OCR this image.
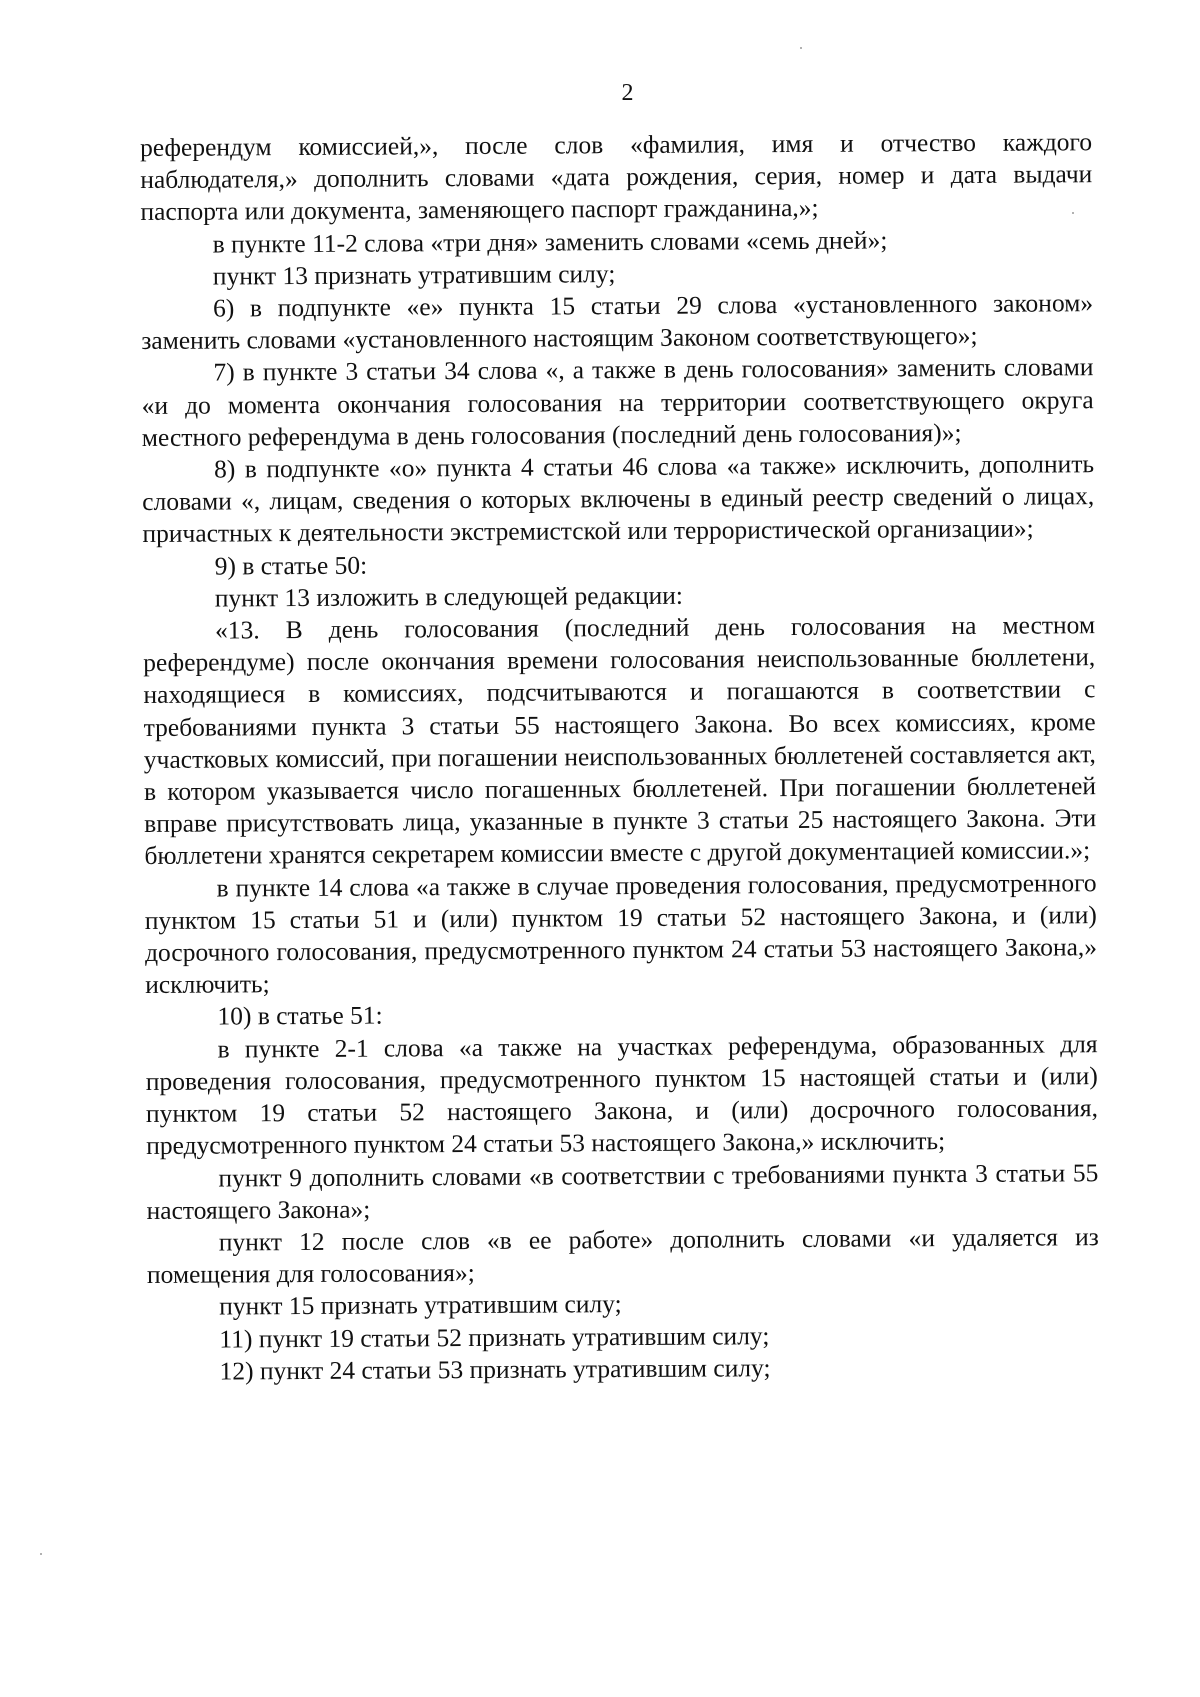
2

референдум комиссией,», после слов «фамилия, имя и отчество каждого наблюдателя,» дополнить словами «дата рождения, серия, номер и дата выдачи паспорта или документа, заменяющего паспорт гражданина,»;

в пункте 11-2 слова «три дня» заменить словами «семь дней»;

пункт 13 признать утратившим силу;

6) в подпункте «е» пункта 15 статьи 29 слова «установленного законом» заменить словами «установленного настоящим Законом соответствующего»;

7) в пункте 3 статьи 34 слова «, а также в день голосования» заменить словами «и до момента окончания голосования на территории соответствующего округа местного референдума в день голосования (последний день голосования)»;

8) в подпункте «о» пункта 4 статьи 46 слова «а также» исключить, дополнить словами «, лицам, сведения о которых включены в единый реестр сведений о лицах, причастных к деятельности экстремистской или террористической организации»;

9) в статье 50:

пункт 13 изложить в следующей редакции:

«13. В день голосования (последний день голосования на местном референдуме) после окончания времени голосования неиспользованные бюллетени, находящиеся в комиссиях, подсчитываются и погашаются в соответствии с требованиями пункта 3 статьи 55 настоящего Закона. Во всех комиссиях, кроме участковых комиссий, при погашении неиспользованных бюллетеней составляется акт, в котором указывается число погашенных бюллетеней. При погашении бюллетеней вправе присутствовать лица, указанные в пункте 3 статьи 25 настоящего Закона. Эти бюллетени хранятся секретарем комиссии вместе с другой документацией комиссии.»;

в пункте 14 слова «а также в случае проведения голосования, предусмотренного пунктом 15 статьи 51 и (или) пунктом 19 статьи 52 настоящего Закона, и (или) досрочного голосования, предусмотренного пунктом 24 статьи 53 настоящего Закона,» исключить;

10) в статье 51:

в пункте 2-1 слова «а также на участках референдума, образованных для проведения голосования, предусмотренного пунктом 15 настоящей статьи и (или) пунктом 19 статьи 52 настоящего Закона, и (или) досрочного голосования, предусмотренного пунктом 24 статьи 53 настоящего Закона,» исключить;

пункт 9 дополнить словами «в соответствии с требованиями пункта 3 статьи 55 настоящего Закона»;

пункт 12 после слов «в ее работе» дополнить словами «и удаляется из помещения для голосования»;

пункт 15 признать утратившим силу;

11) пункт 19 статьи 52 признать утратившим силу;

12) пункт 24 статьи 53 признать утратившим силу;
